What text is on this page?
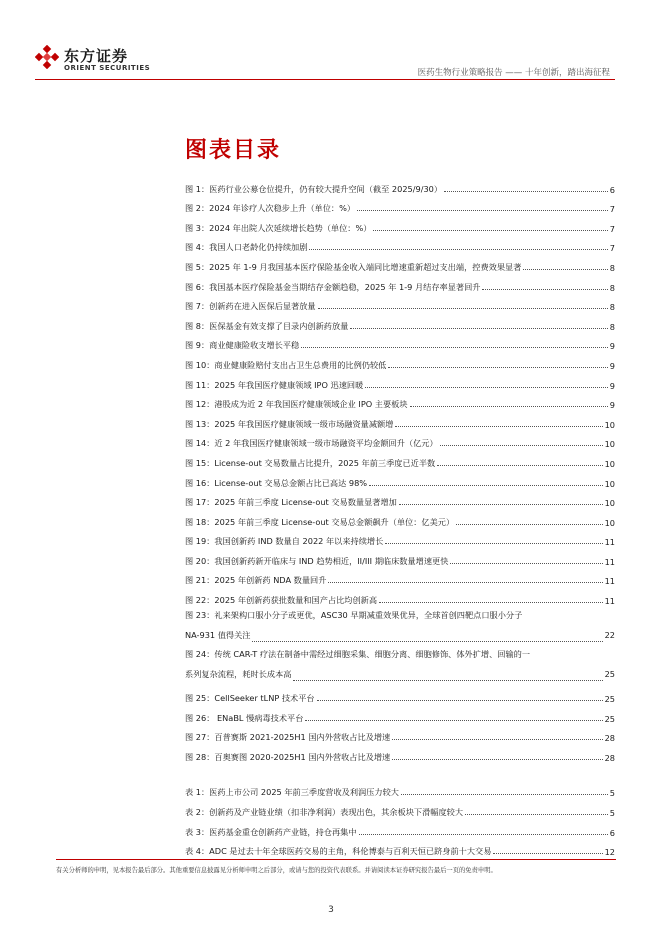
东方证券
ORIENT SECURITIES	医药生物行业策略报告 —— 十年创新，踏出海征程
图表目录
图 1：医药行业公募仓位提升，仍有较大提升空间（截至 2025/9/30）	6
图 2：2024 年诊疗人次稳步上升（单位：%）	7
图 3：2024 年出院人次延续增长趋势（单位：%）	7
图 4：我国人口老龄化仍持续加剧	7
图 5：2025 年 1-9 月我国基本医疗保险基金收入端同比增速重新超过支出端，控费效果显著	8
图 6：我国基本医疗保险基金当期结存金额趋稳，2025 年 1-9 月结存率显著回升	8
图 7：创新药在进入医保后显著放量	8
图 8：医保基金有效支撑了目录内创新药放量	8
图 9：商业健康险收支增长平稳	9
图 10：商业健康险赔付支出占卫生总费用的比例仍较低	9
图 11：2025 年我国医疗健康领域 IPO 迅速回暖	9
图 12：港股成为近 2 年我国医疗健康领域企业 IPO 主要板块	9
图 13：2025 年我国医疗健康领域一级市场融资量减额增	10
图 14：近 2 年我国医疗健康领域一级市场融资平均金额回升（亿元）	10
图 15：License-out 交易数量占比提升，2025 年前三季度已近半数	10
图 16：License-out 交易总金额占比已高达 98%	10
图 17：2025 年前三季度 License-out 交易数量显著增加	10
图 18：2025 年前三季度 License-out 交易总金额飙升（单位：亿美元）	10
图 19：我国创新药 IND 数量自 2022 年以来持续增长	11
图 20：我国创新药新开临床与 IND 趋势相近，II/III 期临床数量增速更快	11
图 21：2025 年创新药 NDA 数量回升	11
图 22：2025 年创新药获批数量和国产占比均创新高	11
图 23：礼来架构口服小分子或更优，ASC30 早期减重效果优异，全球首创四靶点口服小分子
NA-931 值得关注	22
图 24：传统 CAR-T 疗法在制备中需经过细胞采集、细胞分离、细胞修饰、体外扩增、回输的一
系列复杂流程，耗时长成本高	25
图 25：CellSeeker tLNP 技术平台	25
图 26： ENaBL 慢病毒技术平台	25
图 27：百普赛斯 2021-2025H1 国内外营收占比及增速	28
图 28：百奥赛图 2020-2025H1 国内外营收占比及增速	28
表 1：医药上市公司 2025 年前三季度营收及利润压力较大	5
表 2：创新药及产业链业绩（扣非净利润）表现出色，其余板块下滑幅度较大	5
表 3：医药基金重仓创新药产业链，持仓再集中	6
表 4：ADC 是过去十年全球医药交易的主角，科伦博泰与百利天恒已跻身前十大交易	12
有关分析师的申明，见本报告最后部分。其他重要信息披露见分析师申明之后部分，或请与您的投资代表联系。并请阅读本证券研究报告最后一页的免责申明。
3
